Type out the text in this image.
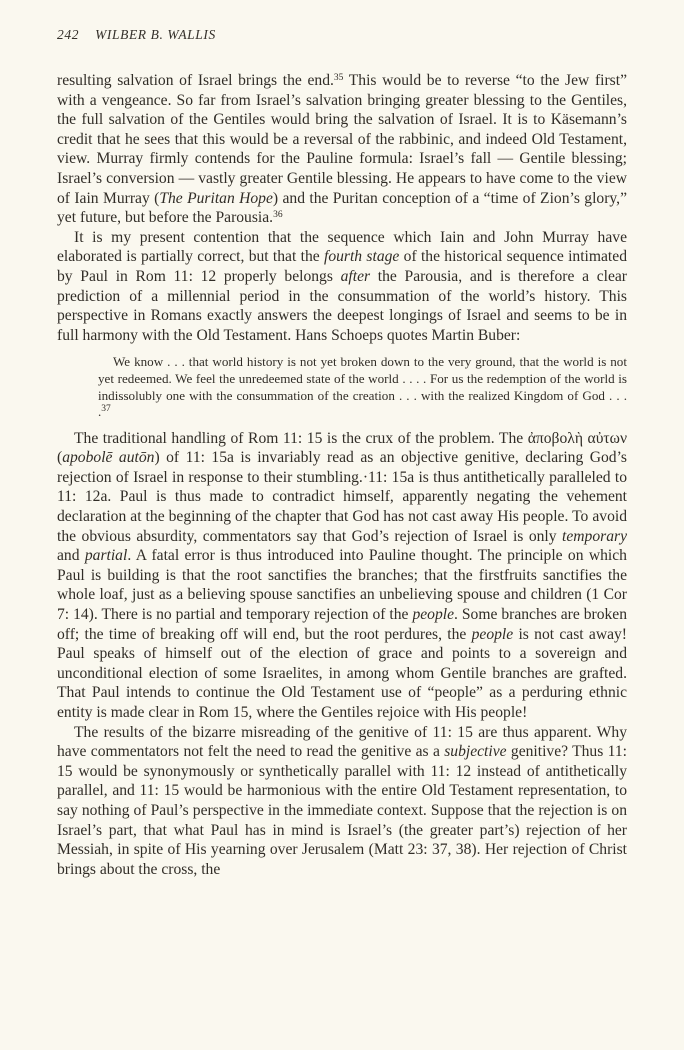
242 WILBER B. WALLIS

resulting salvation of Israel brings the end.$^{35}$ This would be to reverse “to the Jew first” with a vengeance. So far from Israel’s salvation bringing greater blessing to the Gentiles, the full salvation of the Gentiles would bring the salvation of Israel. It is to Käsemann’s credit that he sees that this would be a reversal of the rabbinic, and indeed Old Testament, view. Murray firmly contends for the Pauline formula: Israel’s fall — Gentile blessing; Israel’s conversion — vastly greater Gentile blessing. He appears to have come to the view of Iain Murray (The Puritan Hope) and the Puritan conception of a “time of Zion’s glory,” yet future, but before the Parousia.$^{36}$

It is my present contention that the sequence which Iain and John Murray have elaborated is partially correct, but that the fourth stage of the historical sequence intimated by Paul in Rom 11: 12 properly belongs after the Parousia, and is therefore a clear prediction of a millennial period in the consummation of the world’s history. This perspective in Romans exactly answers the deepest longings of Israel and seems to be in full harmony with the Old Testament. Hans Schoeps quotes Martin Buber:

We know . . . that world history is not yet broken down to the very ground, that the world is not yet redeemed. We feel the unredeemed state of the world . . . . For us the redemption of the world is indissolubly one with the consummation of the creation . . . with the realized Kingdom of God . . . .$^{37}$

The traditional handling of Rom 11: 15 is the crux of the problem. The ἀποβολὴ αὐτων (apobolē autōn) of 11: 15a is invariably read as an objective genitive, declaring God’s rejection of Israel in response to their stumbling.·11: 15a is thus antithetically paralleled to 11: 12a. Paul is thus made to contradict himself, apparently negating the vehement declaration at the beginning of the chapter that God has not cast away His people. To avoid the obvious absurdity, commentators say that God’s rejection of Israel is only temporary and partial. A fatal error is thus introduced into Pauline thought. The principle on which Paul is building is that the root sanctifies the branches; that the firstfruits sanctifies the whole loaf, just as a believing spouse sanctifies an unbelieving spouse and children (1 Cor 7: 14). There is no partial and temporary rejection of the people. Some branches are broken off; the time of breaking off will end, but the root perdures, the people is not cast away! Paul speaks of himself out of the election of grace and points to a sovereign and unconditional election of some Israelites, in among whom Gentile branches are grafted. That Paul intends to continue the Old Testament use of “people” as a perduring ethnic entity is made clear in Rom 15, where the Gentiles rejoice with His people!

The results of the bizarre misreading of the genitive of 11: 15 are thus apparent. Why have commentators not felt the need to read the genitive as a subjective genitive? Thus 11: 15 would be synonymously or synthetically parallel with 11: 12 instead of antithetically parallel, and 11: 15 would be harmonious with the entire Old Testament representation, to say nothing of Paul’s perspective in the immediate context. Suppose that the rejection is on Israel’s part, that what Paul has in mind is Israel’s (the greater part’s) rejection of her Messiah, in spite of His yearning over Jerusalem (Matt 23: 37, 38). Her rejection of Christ brings about the cross, the
